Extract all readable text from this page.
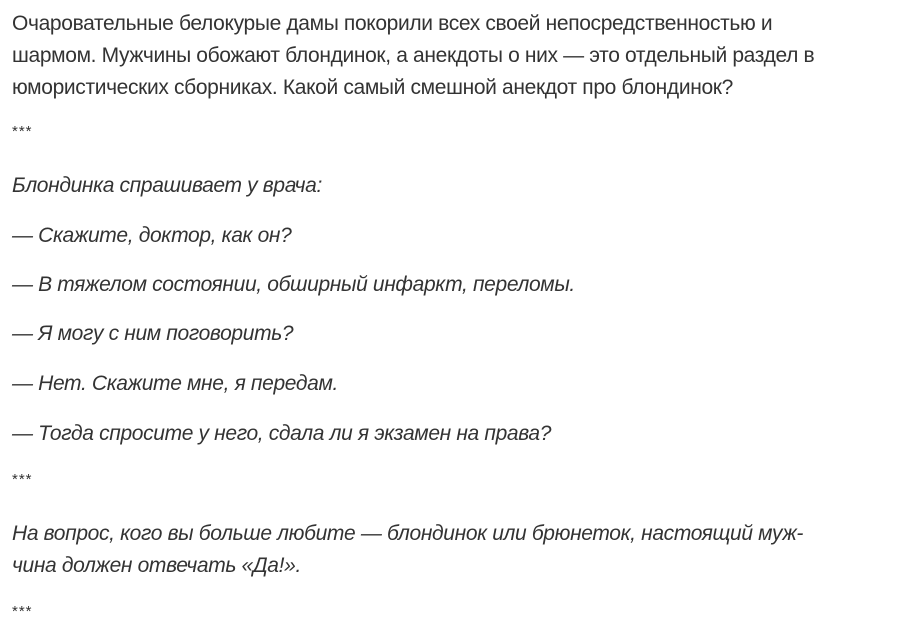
Очаровательные белокурые дамы покорили всех своей непосредственностью и
шармом. Мужчины обожают блондинок, а анекдоты о них — это отдельный раздел в
юмористических сборниках. Какой самый смешной анекдот про блондинок?

***

Блондинка спрашивает у врача:

— Скажите, доктор, как он?

— В тяжелом состоянии, обширный инфаркт, переломы.

— Я могу с ним поговорить?

— Нет. Скажите мне, я передам.

— Тогда спросите у него, сдала ли я экзамен на права?

***

На вопрос, кого вы больше любите — блондинок или брюнеток, настоящий муж-
чина должен отвечать «Да!».

***
